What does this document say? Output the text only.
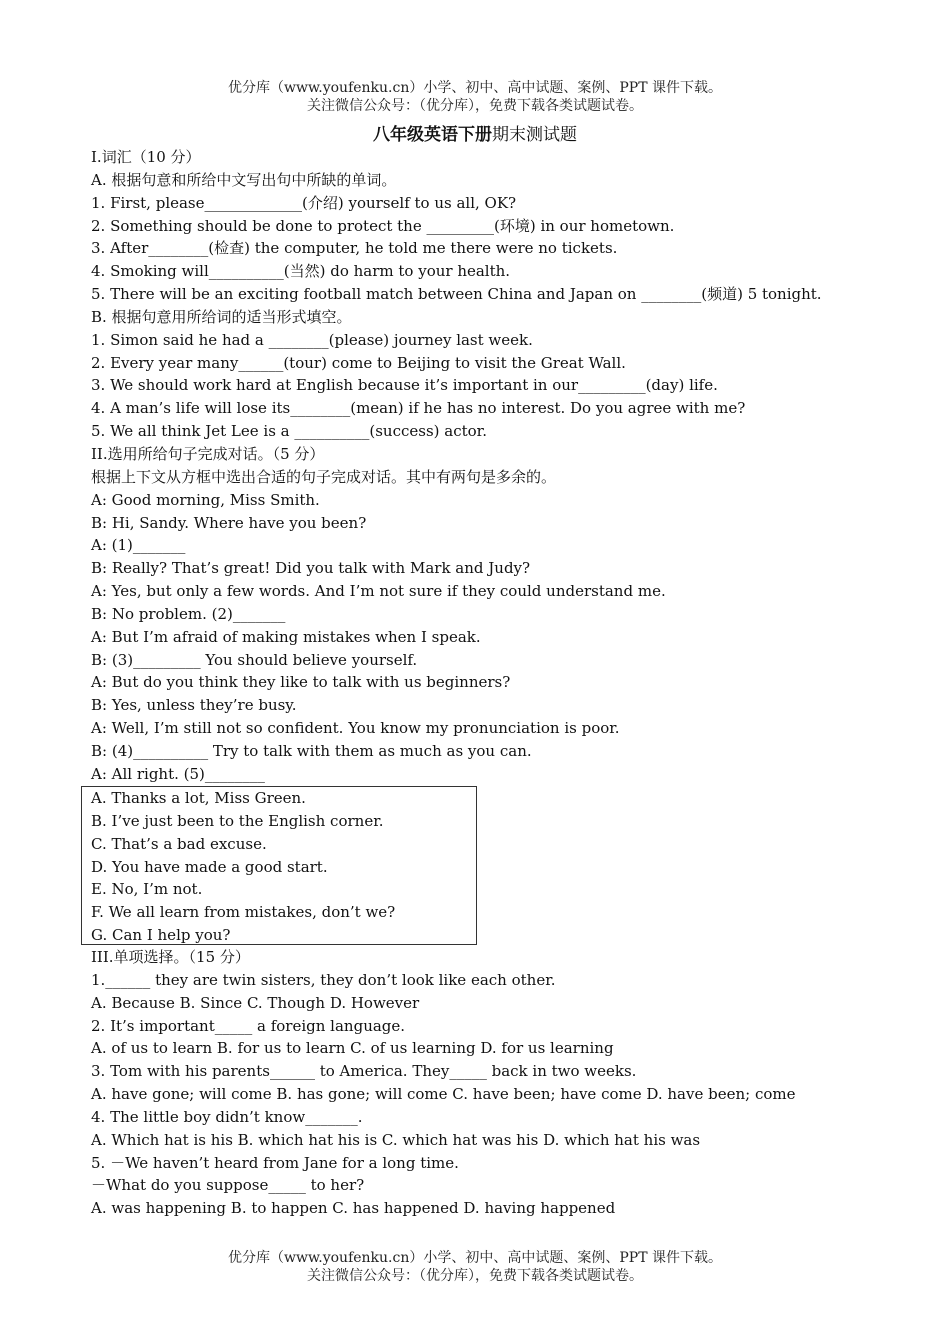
优分库（www.youfenku.cn）小学、初中、高中试题、案例、PPT 课件下载。
关注微信公众号：（优分库），免费下载各类试题试卷。
八年级英语下册期末测试题
I.词汇（10 分）
A. 根据句意和所给中文写出句中所缺的单词。
1. First, please_____________(介绍) yourself to us all, OK?
2. Something should be done to protect the _________(环境) in our hometown.
3. After________(检查) the computer, he told me there were no tickets.
4. Smoking will__________(当然) do harm to your health.
5. There will be an exciting football match between China and Japan on ________(频道) 5 tonight.
B. 根据句意用所给词的适当形式填空。
1. Simon said he had a ________(please) journey last week.
2. Every year many______(tour) come to Beijing to visit the Great Wall.
3. We should work hard at English because it’s important in our_________(day) life.
4. A man’s life will lose its________(mean) if he has no interest. Do you agree with me?
5. We all think Jet Lee is a __________(success) actor.
II.选用所给句子完成对话。（5 分）
根据上下文从方框中选出合适的句子完成对话。其中有两句是多余的。
A: Good morning, Miss Smith.
B: Hi, Sandy. Where have you been?
A: (1)_______
B: Really? That’s great! Did you talk with Mark and Judy?
A: Yes, but only a few words. And I’m not sure if they could understand me.
B: No problem. (2)_______
A: But I’m afraid of making mistakes when I speak.
B: (3)_________ You should believe yourself.
A: But do you think they like to talk with us beginners?
B: Yes, unless they’re busy.
A: Well, I’m still not so confident. You know my pronunciation is poor.
B: (4)__________ Try to talk with them as much as you can.
A: All right. (5)________
A. Thanks a lot, Miss Green.
B. I’ve just been to the English corner.
C. That’s a bad excuse.
D. You have made a good start.
E. No, I’m not.
F. We all learn from mistakes, don’t we?
G. Can I help you?
III.单项选择。（15 分）
1.______ they are twin sisters, they don’t look like each other.
A. Because B. Since C. Though D. However
2. It’s important_____ a foreign language.
A. of us to learn B. for us to learn C. of us learning D. for us learning
3. Tom with his parents______ to America. They_____ back in two weeks.
A. have gone; will come B. has gone; will come C. have been; have come D. have been; come
4. The little boy didn’t know_______.
A. Which hat is his B. which hat his is C. which hat was his D. which hat his was
5. －We haven’t heard from Jane for a long time.
－What do you suppose_____ to her?
A. was happening B. to happen C. has happened D. having happened
优分库（www.youfenku.cn）小学、初中、高中试题、案例、PPT 课件下载。
关注微信公众号：（优分库），免费下载各类试题试卷。
